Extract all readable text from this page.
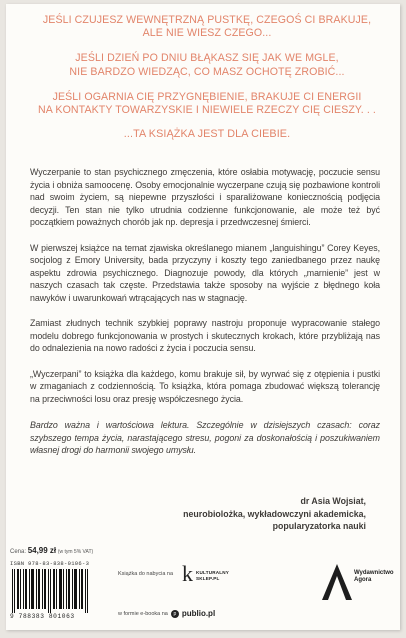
JEŚLI CZUJESZ WEWNĘTRZNĄ PUSTKĘ, CZEGOŚ CI BRAKUJE,

ALE NIE WIESZ CZEGO...

JEŚLI DZIEŃ PO DNIU BŁĄKASZ SIĘ JAK WE MGLE,

NIE BARDZO WIEDZĄC, CO MASZ OCHOTĘ ZROBIĆ...

JEŚLI OGARNIA CIĘ PRZYGNĘBIENIE, BRAKUJE CI ENERGII

NA KONTAKTY TOWARZYSKIE I NIEWIELE RZECZY CIĘ CIESZY. . .

...TA KSIĄŻKA JEST DLA CIEBIE.

Wyczerpanie to stan psychicznego zmęczenia, które osłabia motywację, poczucie sensu życia i obniża samoocenę. Osoby emocjonalnie wyczerpane czują się pozbawione kontroli nad swoim życiem, są niepewne przyszłości i sparaliżowane koniecznością podjęcia decyzji. Ten stan nie tylko utrudnia codzienne funkcjonowanie, ale może też być początkiem poważnych chorób jak np. depresja i przedwczesnej śmierci.

W pierwszej książce na temat zjawiska określanego mianem „languishingu” Corey Keyes, socjolog z Emory University, bada przyczyny i koszty tego zaniedbanego przez naukę aspektu zdrowia psychicznego. Diagnozuje powody, dla których „marnienie” jest w naszych czasach tak częste. Przedstawia także sposoby na wyjście z błędnego koła nawyków i uwarunkowań wtrącających nas w stagnację.

Zamiast złudnych technik szybkiej poprawy nastroju proponuje wypracowanie stałego modelu dobrego funkcjonowania w prostych i skutecznych krokach, które przybliżają nas do odnalezienia na nowo radości z życia i poczucia sensu.

„Wyczerpani” to książka dla każdego, komu brakuje sił, by wyrwać się z otępienia i pustki w zmaganiach z codziennością. To książka, która pomaga zbudować większą tolerancję na przeciwności losu oraz presję współczesnego życia.

Bardzo ważna i wartościowa lektura. Szczególnie w dzisiejszych czasach: coraz szybszego tempa życia, narastającego stresu, pogoni za doskonałością i poszukiwaniem własnej drogi do harmonii swojego umysłu.

dr Asia Wojsiat,
neurobiolożka, wykładowczyni akademicka,
popularyzatorka nauki
Cena: 54,99 zł (w tym 5% VAT)
ISBN 978-83-838-0106-3
9 788383 801063
Książka do nabycia na k KULTURALNY
SKLEP.PL
w formie e-booka na	p publio.pl
Wydawnictwo
Agora
